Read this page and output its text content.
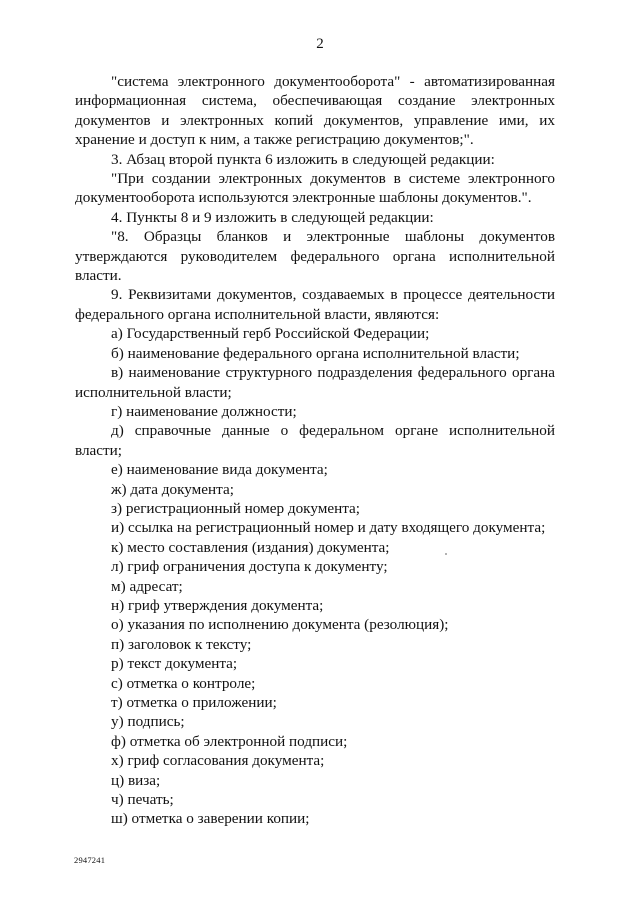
2

"система электронного документооборота" - автоматизированная информационная система, обеспечивающая создание электронных документов и электронных копий документов, управление ими, их хранение и доступ к ним, а также регистрацию документов;".

3. Абзац второй пункта 6 изложить в следующей редакции:

"При создании электронных документов в системе электронного документооборота используются электронные шаблоны документов.".

4. Пункты 8 и 9 изложить в следующей редакции:

"8. Образцы бланков и электронные шаблоны документов утверждаются руководителем федерального органа исполнительной власти.

9. Реквизитами документов, создаваемых в процессе деятельности федерального органа исполнительной власти, являются:

а) Государственный герб Российской Федерации;

б) наименование федерального органа исполнительной власти;

в) наименование структурного подразделения федерального органа исполнительной власти;

г) наименование должности;

д) справочные данные о федеральном органе исполнительной власти;

е) наименование вида документа;

ж) дата документа;

з) регистрационный номер документа;

и) ссылка на регистрационный номер и дату входящего документа;

к) место составления (издания) документа;

л) гриф ограничения доступа к документу;

м) адресат;

н) гриф утверждения документа;

о) указания по исполнению документа (резолюция);

п) заголовок к тексту;

р) текст документа;

с) отметка о контроле;

т) отметка о приложении;

у) подпись;

ф) отметка об электронной подписи;

х) гриф согласования документа;

ц) виза;

ч) печать;

ш) отметка о заверении копии;

2947241
